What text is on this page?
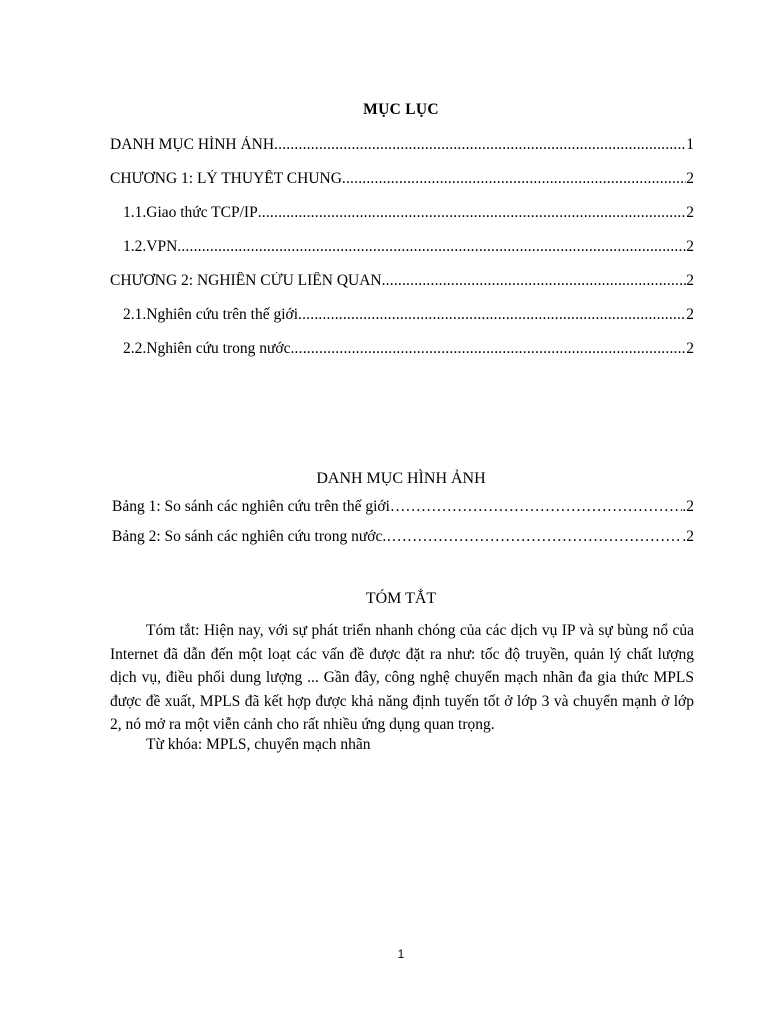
MỤC LỤC
DANH MỤC HÌNH ẢNH .....	1
CHƯƠNG 1: LÝ THUYẾT CHUNG .....	2
1.1. Giao thức TCP/IP .....	2
1.2. VPN .....	2
CHƯƠNG 2: NGHIÊN CỨU LIÊN QUAN .....	2
2.1. Nghiên cứu trên thế giới .....	2
2.2. Nghiên cứu trong nước .....	2
DANH MỤC HÌNH ẢNH
Bảng 1: So sánh các nghiên cứu trên thế giới ………………………………………………………………………………………………………………………………………………………………	.2
Bảng 2: So sánh các nghiên cứu trong nước. ………………………………………………………………………………………………………………………………………………………………	.2
TÓM TẮT
Tóm tắt: Hiện nay, với sự phát triển nhanh chóng của các dịch vụ IP và sự bùng nổ của Internet đã dẫn đến một loạt các vấn đề được đặt ra như: tốc độ truyền, quản lý chất lượng dịch vụ, điều phối dung lượng ... Gần đây, công nghệ chuyển mạch nhãn đa gia thức MPLS được đề xuất, MPLS đã kết hợp được khả năng định tuyến tốt ở lớp 3 và chuyển mạnh ở lớp 2, nó mở ra một viễn cảnh cho rất nhiều ứng dụng quan trọng.
Từ khóa: MPLS, chuyển mạch nhãn
1
